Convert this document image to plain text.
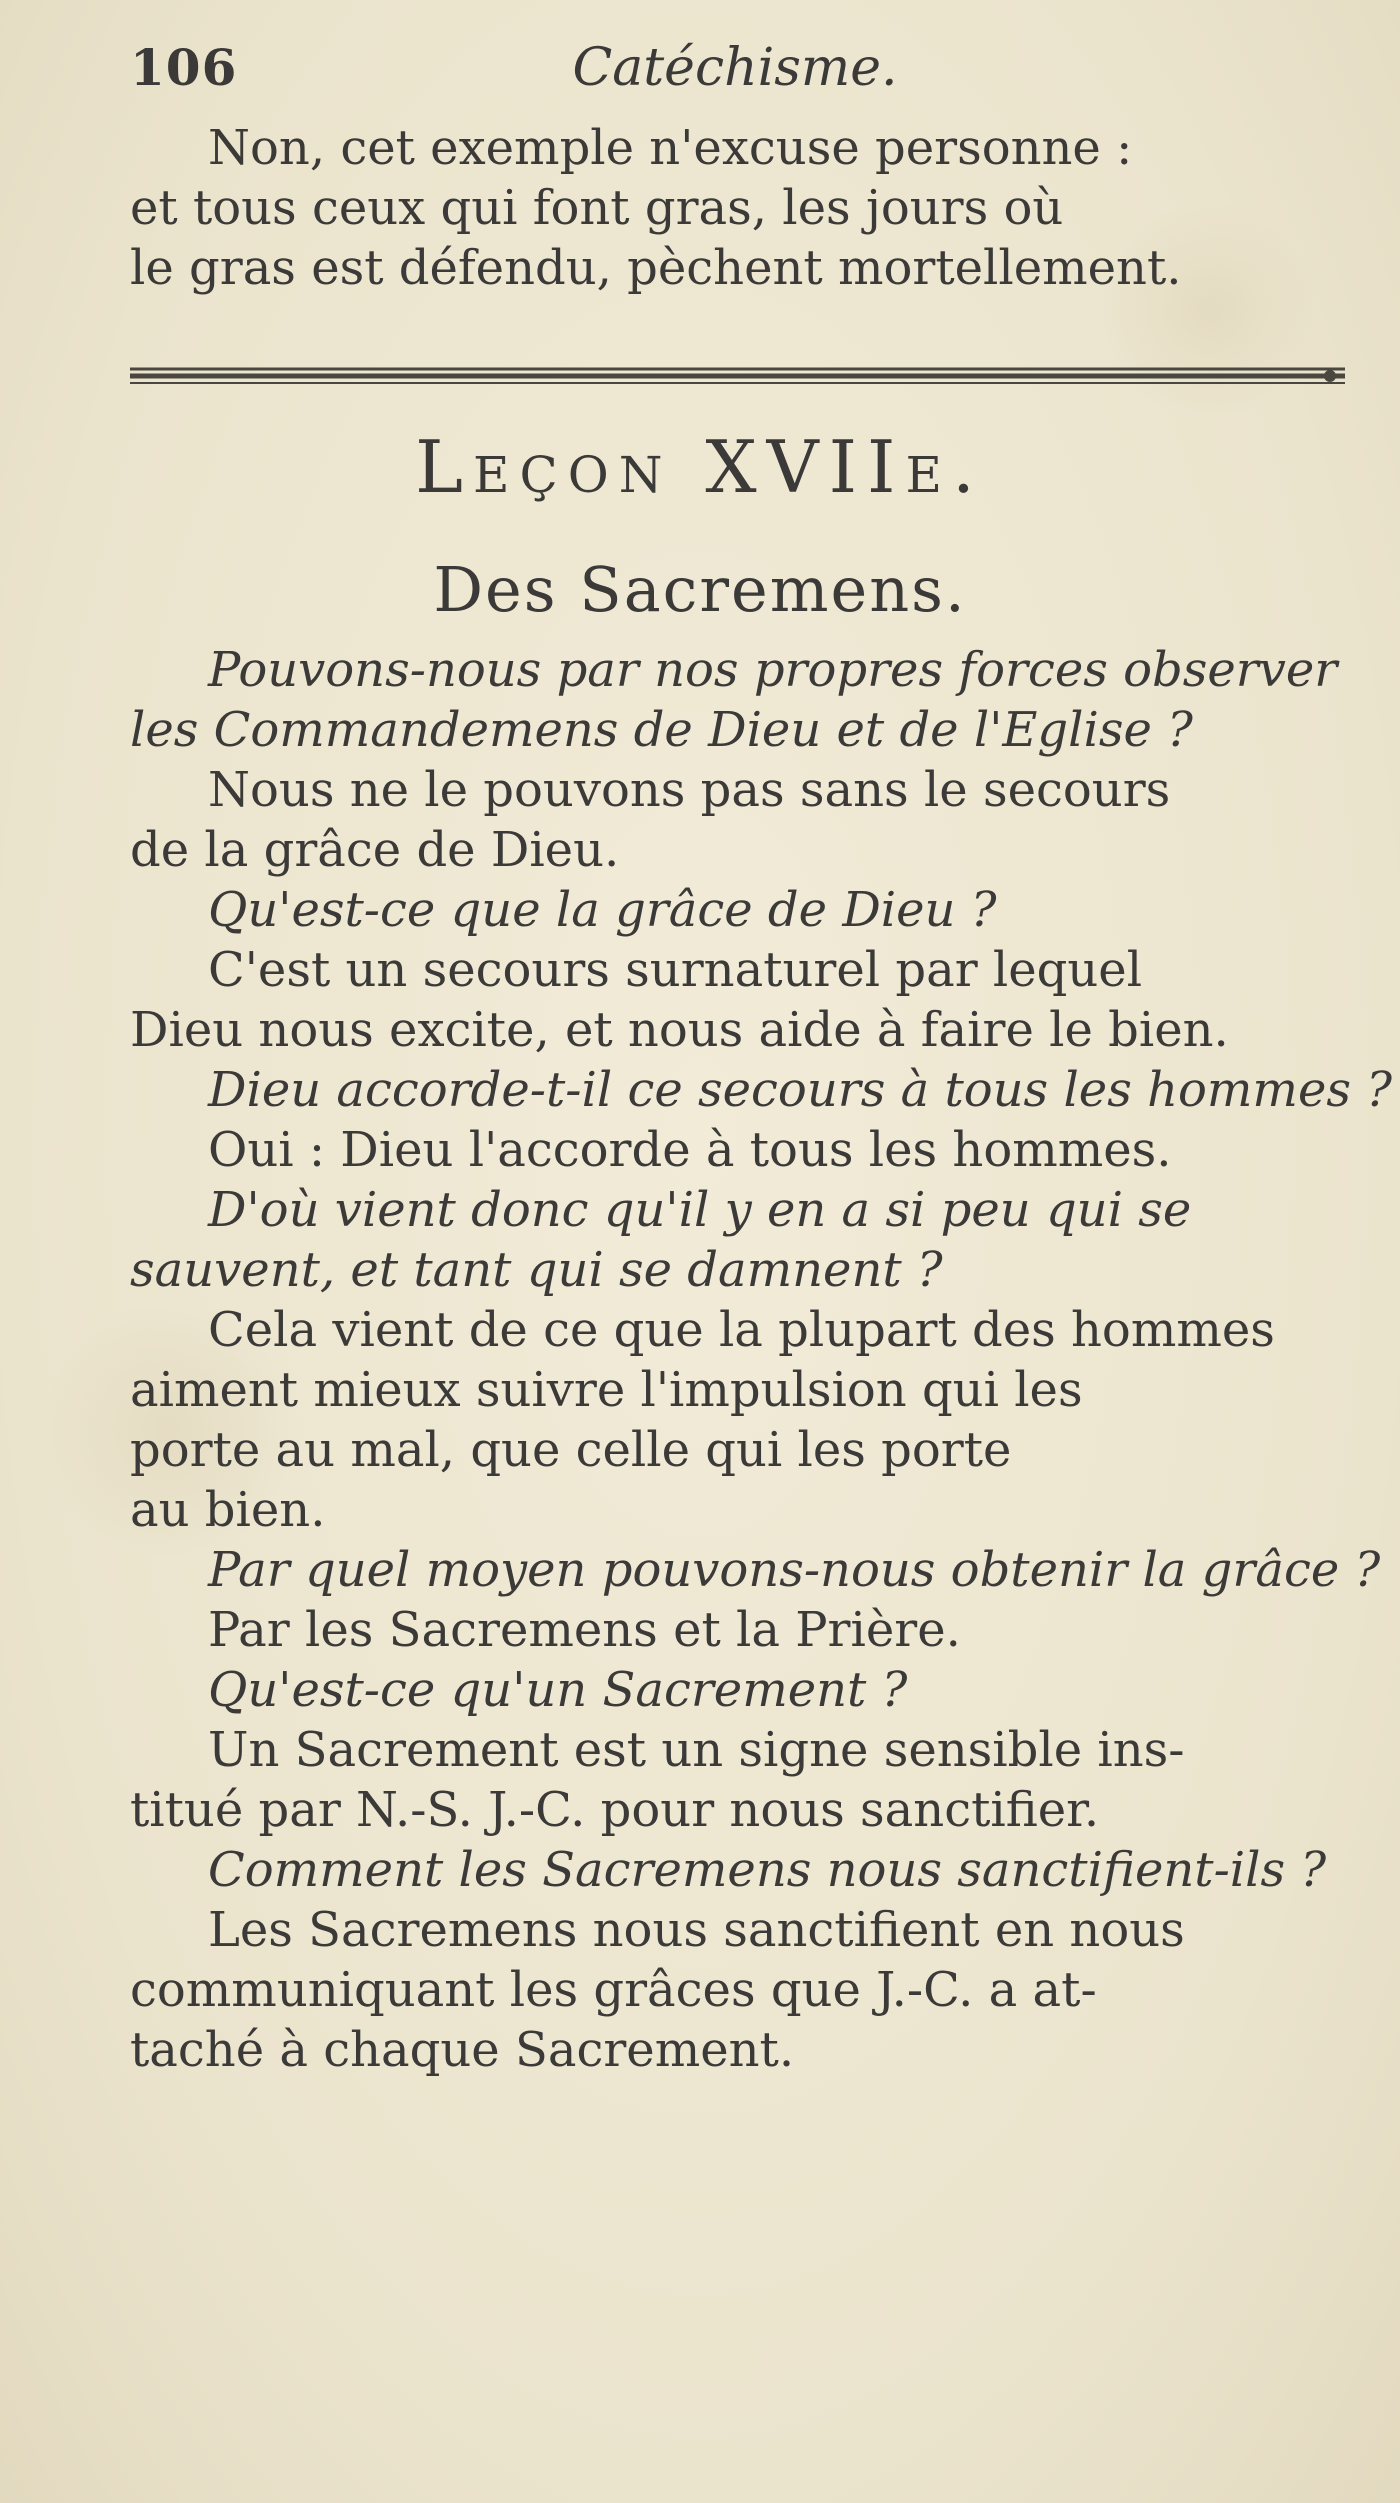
106	Catéchisme.
Non, cet exemple n'excuse personne :
et tous ceux qui font gras, les jours où
le gras est défendu, pèchent mortellement.
Leçon XVIIe.
Des Sacremens.
Pouvons-nous par nos propres forces observer
les Commandemens de Dieu et de l'Eglise ?
Nous ne le pouvons pas sans le secours
de la grâce de Dieu.
Qu'est-ce que la grâce de Dieu ?
C'est un secours surnaturel par lequel
Dieu nous excite, et nous aide à faire le bien.
Dieu accorde-t-il ce secours à tous les hommes ?
Oui : Dieu l'accorde à tous les hommes.
D'où vient donc qu'il y en a si peu qui se
sauvent, et tant qui se damnent ?
Cela vient de ce que la plupart des hommes
aiment mieux suivre l'impulsion qui les
porte au mal, que celle qui les porte
au bien.
Par quel moyen pouvons-nous obtenir la grâce ?
Par les Sacremens et la Prière.
Qu'est-ce qu'un Sacrement ?
Un Sacrement est un signe sensible ins-
titué par N.-S. J.-C. pour nous sanctifier.
Comment les Sacremens nous sanctifient-ils ?
Les Sacremens nous sanctifient en nous
communiquant les grâces que J.-C. a at-
taché à chaque Sacrement.
